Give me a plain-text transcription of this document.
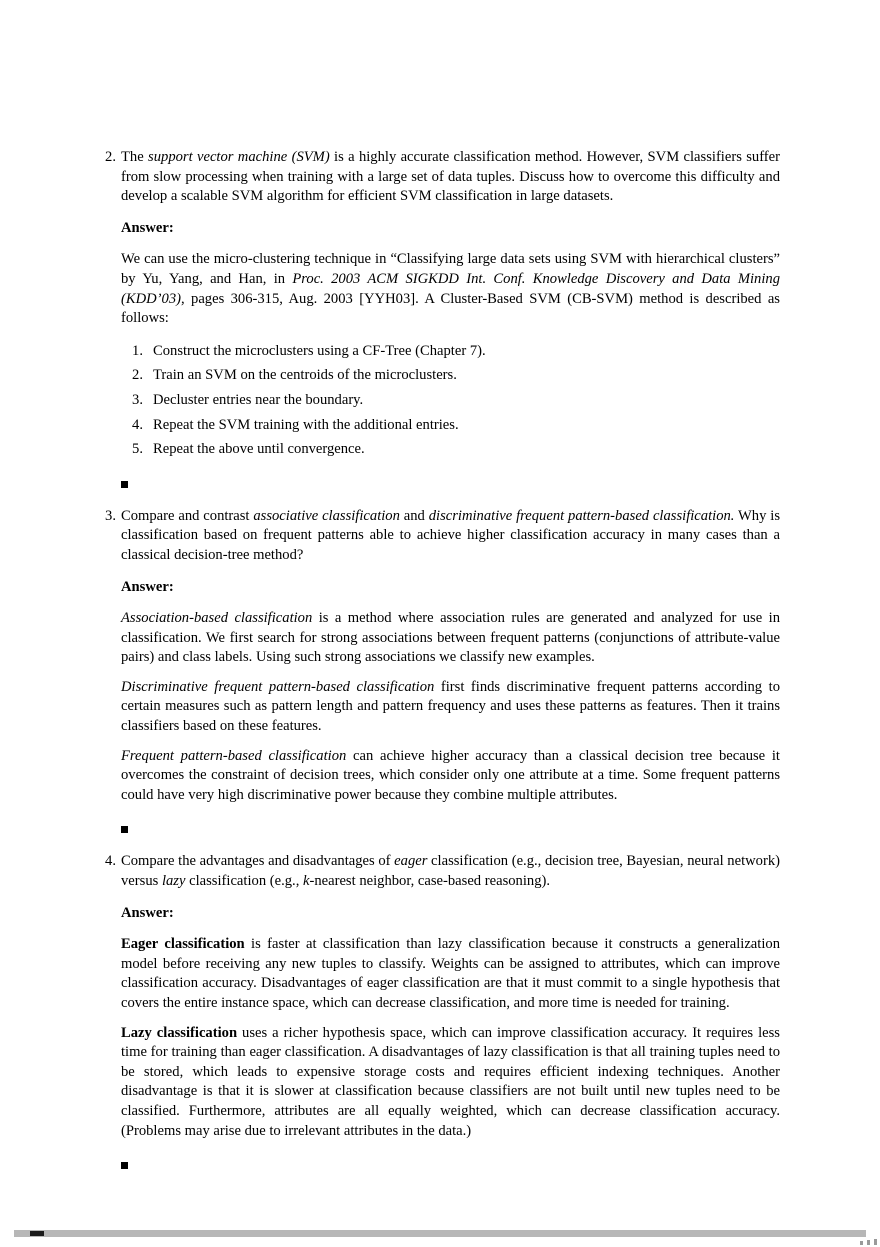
2. The support vector machine (SVM) is a highly accurate classification method. However, SVM classifiers suffer from slow processing when training with a large set of data tuples. Discuss how to overcome this difficulty and develop a scalable SVM algorithm for efficient SVM classification in large datasets.

Answer:

We can use the micro-clustering technique in “Classifying large data sets using SVM with hierarchical clusters” by Yu, Yang, and Han, in Proc. 2003 ACM SIGKDD Int. Conf. Knowledge Discovery and Data Mining (KDD’03), pages 306-315, Aug. 2003 [YYH03]. A Cluster-Based SVM (CB-SVM) method is described as follows:

1. Construct the microclusters using a CF-Tree (Chapter 7).
2. Train an SVM on the centroids of the microclusters.
3. Decluster entries near the boundary.
4. Repeat the SVM training with the additional entries.
5. Repeat the above until convergence.
3. Compare and contrast associative classification and discriminative frequent pattern-based classification. Why is classification based on frequent patterns able to achieve higher classification accuracy in many cases than a classical decision-tree method?

Answer:

Association-based classification is a method where association rules are generated and analyzed for use in classification. We first search for strong associations between frequent patterns (conjunctions of attribute-value pairs) and class labels. Using such strong associations we classify new examples.

Discriminative frequent pattern-based classification first finds discriminative frequent patterns according to certain measures such as pattern length and pattern frequency and uses these patterns as features. Then it trains classifiers based on these features.

Frequent pattern-based classification can achieve higher accuracy than a classical decision tree because it overcomes the constraint of decision trees, which consider only one attribute at a time. Some frequent patterns could have very high discriminative power because they combine multiple attributes.

4. Compare the advantages and disadvantages of eager classification (e.g., decision tree, Bayesian, neural network) versus lazy classification (e.g., k-nearest neighbor, case-based reasoning).

Answer:

Eager classification is faster at classification than lazy classification because it constructs a generalization model before receiving any new tuples to classify. Weights can be assigned to attributes, which can improve classification accuracy. Disadvantages of eager classification are that it must commit to a single hypothesis that covers the entire instance space, which can decrease classification, and more time is needed for training.

Lazy classification uses a richer hypothesis space, which can improve classification accuracy. It requires less time for training than eager classification. A disadvantages of lazy classification is that all training tuples need to be stored, which leads to expensive storage costs and requires efficient indexing techniques. Another disadvantage is that it is slower at classification because classifiers are not built until new tuples need to be classified. Furthermore, attributes are all equally weighted, which can decrease classification accuracy. (Problems may arise due to irrelevant attributes in the data.)
